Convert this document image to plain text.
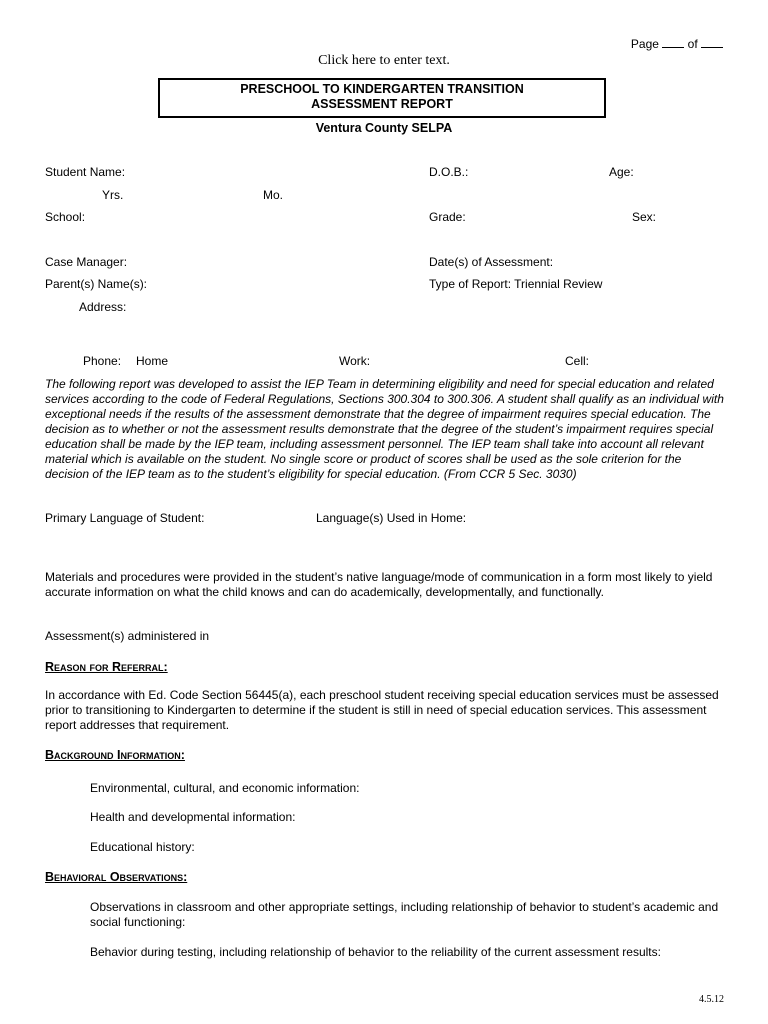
Page of
Click here to enter text.
PRESCHOOL TO KINDERGARTEN TRANSITION
ASSESSMENT REPORT
Ventura County SELPA
Student Name:	D.O.B.:	Age:
Yrs.	Mo.
School:	Grade:	Sex:
Case Manager:	Date(s) of Assessment:
Parent(s) Name(s):	Type of Report: Triennial Review
Address:
Phone: Home	Work:	Cell:
The following report was developed to assist the IEP Team in determining eligibility and need for special education and related services according to the code of Federal Regulations, Sections 300.304 to 300.306. A student shall qualify as an individual with exceptional needs if the results of the assessment demonstrate that the degree of impairment requires special education. The decision as to whether or not the assessment results demonstrate that the degree of the student’s impairment requires special education shall be made by the IEP team, including assessment personnel. The IEP team shall take into account all relevant material which is available on the student. No single score or product of scores shall be used as the sole criterion for the decision of the IEP team as to the student’s eligibility for special education. (From CCR 5 Sec. 3030)
Primary Language of Student:	Language(s) Used in Home:
Materials and procedures were provided in the student’s native language/mode of communication in a form most likely to yield accurate information on what the child knows and can do academically, developmentally, and functionally.
Assessment(s) administered in
Reason for Referral:
In accordance with Ed. Code Section 56445(a), each preschool student receiving special education services must be assessed prior to transitioning to Kindergarten to determine if the student is still in need of special education services. This assessment report addresses that requirement.
Background Information:
Environmental, cultural, and economic information:
Health and developmental information:
Educational history:
Behavioral Observations:
Observations in classroom and other appropriate settings, including relationship of behavior to student’s academic and social functioning:
Behavior during testing, including relationship of behavior to the reliability of the current assessment results:
4.5.12
